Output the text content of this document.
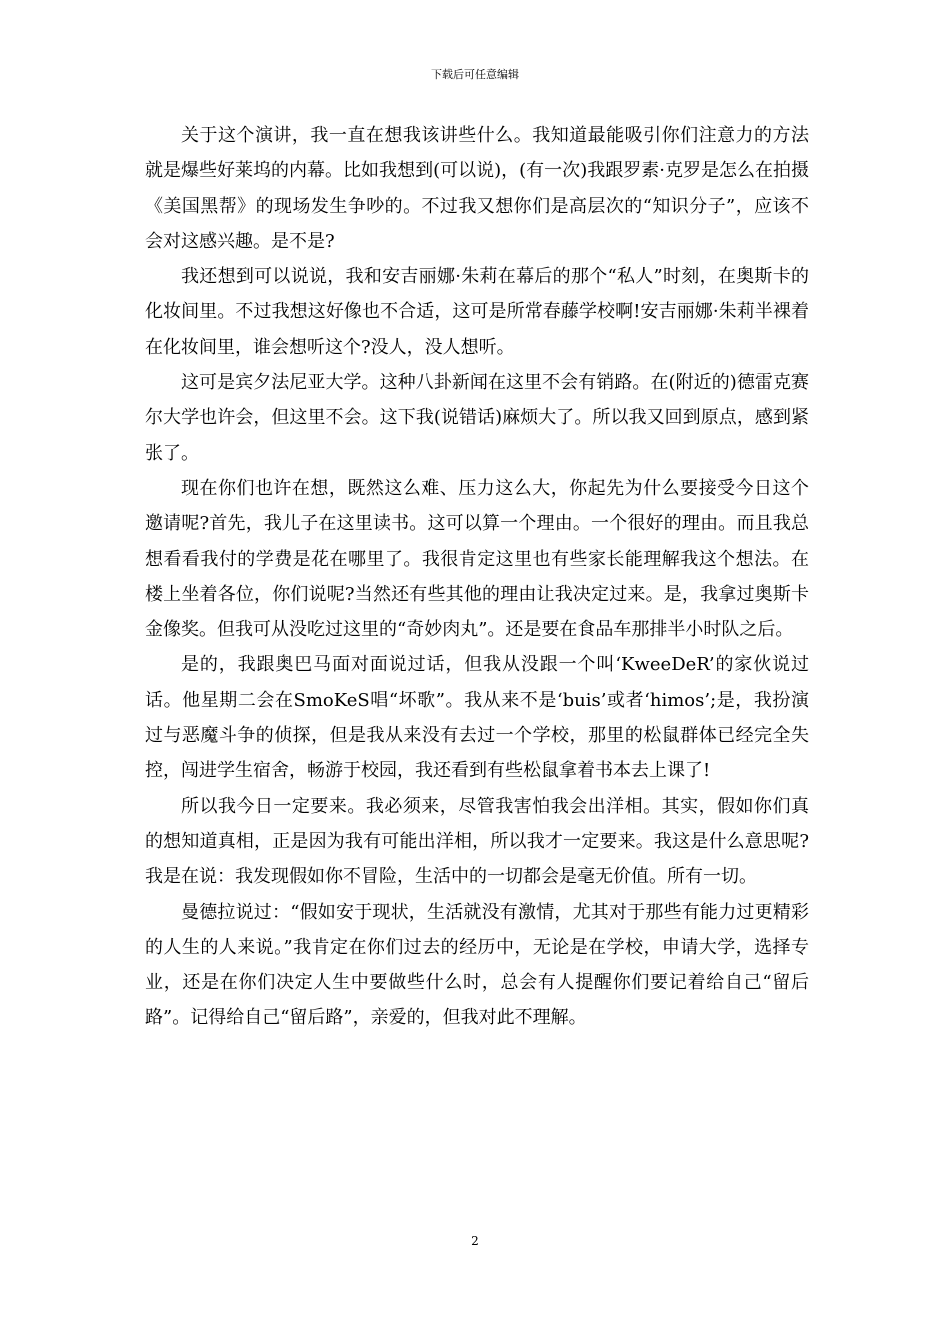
下载后可任意编辑

关于这个演讲，我一直在想我该讲些什么。我知道最能吸引你们注意力的方法就是爆些好莱坞的内幕。比如我想到(可以说)，(有一次)我跟罗素·克罗是怎么在拍摄《美国黑帮》的现场发生争吵的。不过我又想你们是高层次的“知识分子”，应该不会对这感兴趣。是不是?

我还想到可以说说，我和安吉丽娜·朱莉在幕后的那个“私人”时刻，在奥斯卡的化妆间里。不过我想这好像也不合适，这可是所常春藤学校啊!安吉丽娜·朱莉半裸着在化妆间里，谁会想听这个?没人，没人想听。

这可是宾夕法尼亚大学。这种八卦新闻在这里不会有销路。在(附近的)德雷克赛尔大学也许会，但这里不会。这下我(说错话)麻烦大了。所以我又回到原点，感到紧张了。

现在你们也许在想，既然这么难、压力这么大，你起先为什么要接受今日这个邀请呢?首先，我儿子在这里读书。这可以算一个理由。一个很好的理由。而且我总想看看我付的学费是花在哪里了。我很肯定这里也有些家长能理解我这个想法。在楼上坐着各位，你们说呢?当然还有些其他的理由让我决定过来。是，我拿过奥斯卡金像奖。但我可从没吃过这里的“奇妙肉丸”。还是要在食品车那排半小时队之后。

是的，我跟奥巴马面对面说过话，但我从没跟一个叫‘KweeDeR’的家伙说过话。他星期二会在SmoKeS唱“坏歌”。我从来不是‘buis’或者‘himos’;是，我扮演过与恶魔斗争的侦探，但是我从来没有去过一个学校，那里的松鼠群体已经完全失控，闯进学生宿舍，畅游于校园，我还看到有些松鼠拿着书本去上课了!

所以我今日一定要来。我必须来，尽管我害怕我会出洋相。其实，假如你们真的想知道真相，正是因为我有可能出洋相，所以我才一定要来。我这是什么意思呢?我是在说：我发现假如你不冒险，生活中的一切都会是毫无价值。所有一切。

曼德拉说过：“假如安于现状，生活就没有激情，尤其对于那些有能力过更精彩的人生的人来说。”我肯定在你们过去的经历中，无论是在学校，申请大学，选择专业，还是在你们决定人生中要做些什么时，总会有人提醒你们要记着给自己“留后路”。记得给自己“留后路”，亲爱的，但我对此不理解。

2
